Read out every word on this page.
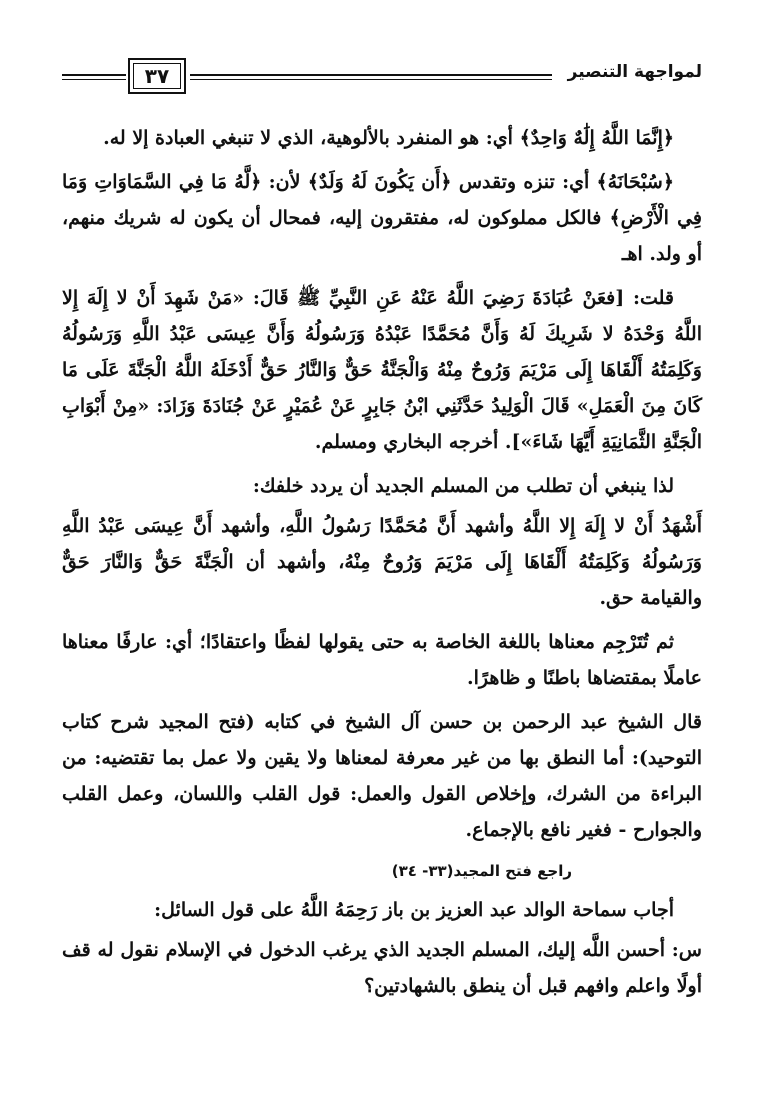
٣٧	لمواجهة التنصير

﴿إِنَّمَا اللَّهُ إِلَٰهٌ وَاحِدٌ﴾ أي: هو المنفرد بالألوهية، الذي لا تنبغي العبادة إلا له.

﴿سُبْحَانَهُ﴾ أي: تنزه وتقدس ﴿أَن يَكُونَ لَهُ وَلَدٌ﴾ لأن: ﴿لَّهُ مَا فِي السَّمَاوَاتِ وَمَا فِي الْأَرْضِ﴾ فالكل مملوكون له، مفتقرون إليه، فمحال أن يكون له شريك منهم، أو ولد. اهـ

قلت: [فعَنْ عُبَادَةَ رَضِيَ اللَّهُ عَنْهُ عَنِ النَّبِيِّ ﷺ قَالَ: «مَنْ شَهِدَ أَنْ لا إِلَهَ إِلا اللَّهُ وَحْدَهُ لا شَرِيكَ لَهُ وَأَنَّ مُحَمَّدًا عَبْدُهُ وَرَسُولُهُ وَأَنَّ عِيسَى عَبْدُ اللَّهِ وَرَسُولُهُ وَكَلِمَتُهُ أَلْقَاهَا إِلَى مَرْيَمَ وَرُوحٌ مِنْهُ وَالْجَنَّةُ حَقٌّ وَالنَّارُ حَقٌّ أَدْخَلَهُ اللَّهُ الْجَنَّةَ عَلَى مَا كَانَ مِنَ الْعَمَلِ» قَالَ الْوَلِيدُ حَدَّثَنِي ابْنُ جَابِرٍ عَنْ عُمَيْرٍ عَنْ جُنَادَةَ وَزَادَ: «مِنْ أَبْوَابِ الْجَنَّةِ الثَّمَانِيَةِ أَيَّهَا شَاءَ»]. أخرجه البخاري ومسلم.

لذا ينبغي أن تطلب من المسلم الجديد أن يردد خلفك:

أَشْهَدُ أَنْ لا إِلَهَ إِلا اللَّهُ وأشهد أَنَّ مُحَمَّدًا رَسُولُ اللَّهِ، وأشهد أَنَّ عِيسَى عَبْدُ اللَّهِ وَرَسُولُهُ وَكَلِمَتُهُ أَلْقَاهَا إِلَى مَرْيَمَ وَرُوحٌ مِنْهُ، وأشهد أن الْجَنَّةَ حَقٌّ وَالنَّارَ حَقٌّ والقيامة حق.

ثم تُتَرْجِم معناها باللغة الخاصة به حتى يقولها لفظًا واعتقادًا؛ أي: عارفًا معناها عاملًا بمقتضاها باطنًا و ظاهرًا.

قال الشيخ عبد الرحمن بن حسن آل الشيخ في كتابه (فتح المجيد شرح كتاب التوحيد): أما النطق بها من غير معرفة لمعناها ولا يقين ولا عمل بما تقتضيه: من البراءة من الشرك، وإخلاص القول والعمل: قول القلب واللسان، وعمل القلب والجوارح - فغير نافع بالإجماع.

راجع فتح المجيد(٣٣- ٣٤)

أجاب سماحة الوالد عبد العزيز بن باز رَحِمَهُ اللَّهُ على قول السائل:

س: أحسن اللَّه إليك، المسلم الجديد الذي يرغب الدخول في الإسلام نقول له قف أولًا واعلم وافهم قبل أن ينطق بالشهادتين؟
